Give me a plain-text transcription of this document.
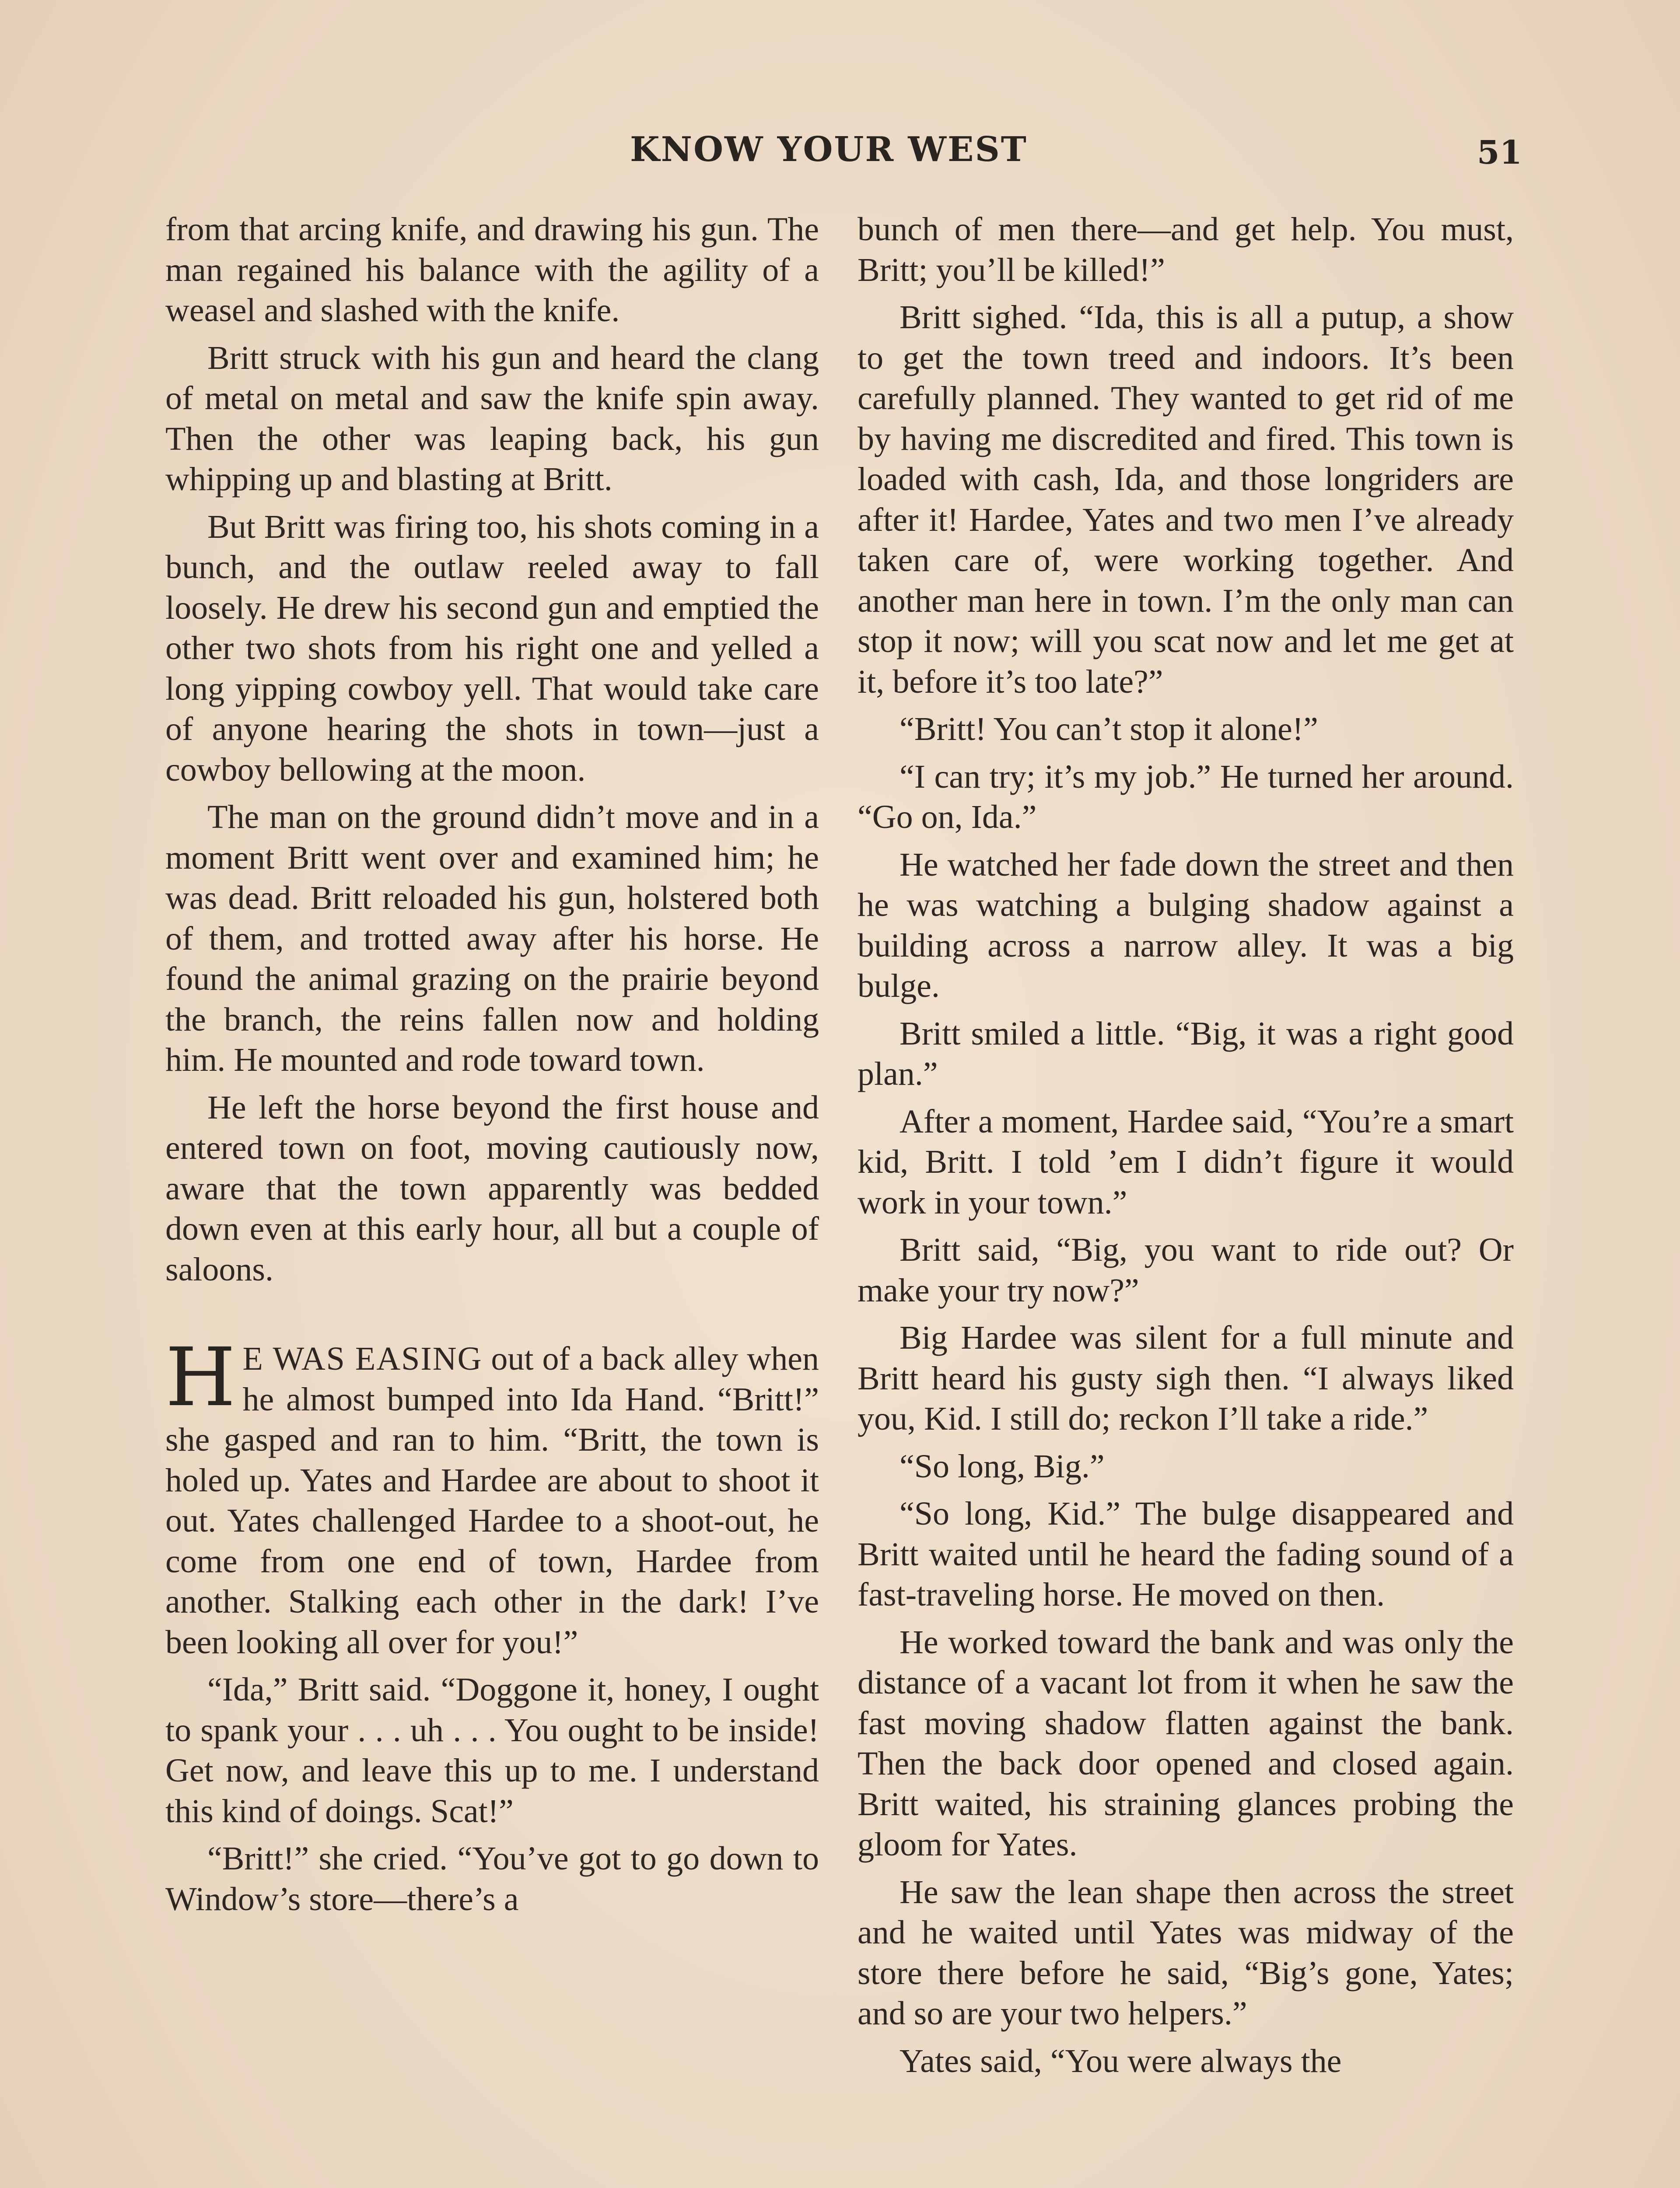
KNOW YOUR WEST	51

from that arcing knife, and drawing his gun. The man regained his balance with the agility of a weasel and slashed with the knife.

Britt struck with his gun and heard the clang of metal on metal and saw the knife spin away. Then the other was leaping back, his gun whipping up and blasting at Britt.

But Britt was firing too, his shots coming in a bunch, and the outlaw reeled away to fall loosely. He drew his second gun and emptied the other two shots from his right one and yelled a long yipping cowboy yell. That would take care of anyone hearing the shots in town—just a cowboy bellowing at the moon.

The man on the ground didn’t move and in a moment Britt went over and examined him; he was dead. Britt reloaded his gun, holstered both of them, and trotted away after his horse. He found the animal grazing on the prairie beyond the branch, the reins fallen now and holding him. He mounted and rode toward town.

He left the horse beyond the first house and entered town on foot, moving cautiously now, aware that the town apparently was bedded down even at this early hour, all but a couple of saloons.

H E WAS EASING out of a back alley when he almost bumped into Ida Hand. “Britt!” she gasped and ran to him. “Britt, the town is holed up. Yates and Hardee are about to shoot it out. Yates challenged Hardee to a shoot-out, he come from one end of town, Hardee from another. Stalking each other in the dark! I’ve been looking all over for you!”

“Ida,” Britt said. “Doggone it, honey, I ought to spank your . . . uh . . . You ought to be inside! Get now, and leave this up to me. I understand this kind of doings. Scat!”

“Britt!” she cried. “You’ve got to go down to Window’s store—there’s a

bunch of men there—and get help. You must, Britt; you’ll be killed!”

Britt sighed. “Ida, this is all a putup, a show to get the town treed and indoors. It’s been carefully planned. They wanted to get rid of me by having me discredited and fired. This town is loaded with cash, Ida, and those longriders are after it! Hardee, Yates and two men I’ve already taken care of, were working together. And another man here in town. I’m the only man can stop it now; will you scat now and let me get at it, before it’s too late?”

“Britt! You can’t stop it alone!”

“I can try; it’s my job.” He turned her around. “Go on, Ida.”

He watched her fade down the street and then he was watching a bulging shadow against a building across a narrow alley. It was a big bulge.

Britt smiled a little. “Big, it was a right good plan.”

After a moment, Hardee said, “You’re a smart kid, Britt. I told ’em I didn’t figure it would work in your town.”

Britt said, “Big, you want to ride out? Or make your try now?”

Big Hardee was silent for a full minute and Britt heard his gusty sigh then. “I always liked you, Kid. I still do; reckon I’ll take a ride.”

“So long, Big.”

“So long, Kid.” The bulge disappeared and Britt waited until he heard the fading sound of a fast-traveling horse. He moved on then.

He worked toward the bank and was only the distance of a vacant lot from it when he saw the fast moving shadow flatten against the bank. Then the back door opened and closed again. Britt waited, his straining glances probing the gloom for Yates.

He saw the lean shape then across the street and he waited until Yates was midway of the store there before he said, “Big’s gone, Yates; and so are your two helpers.”

Yates said, “You were always the
